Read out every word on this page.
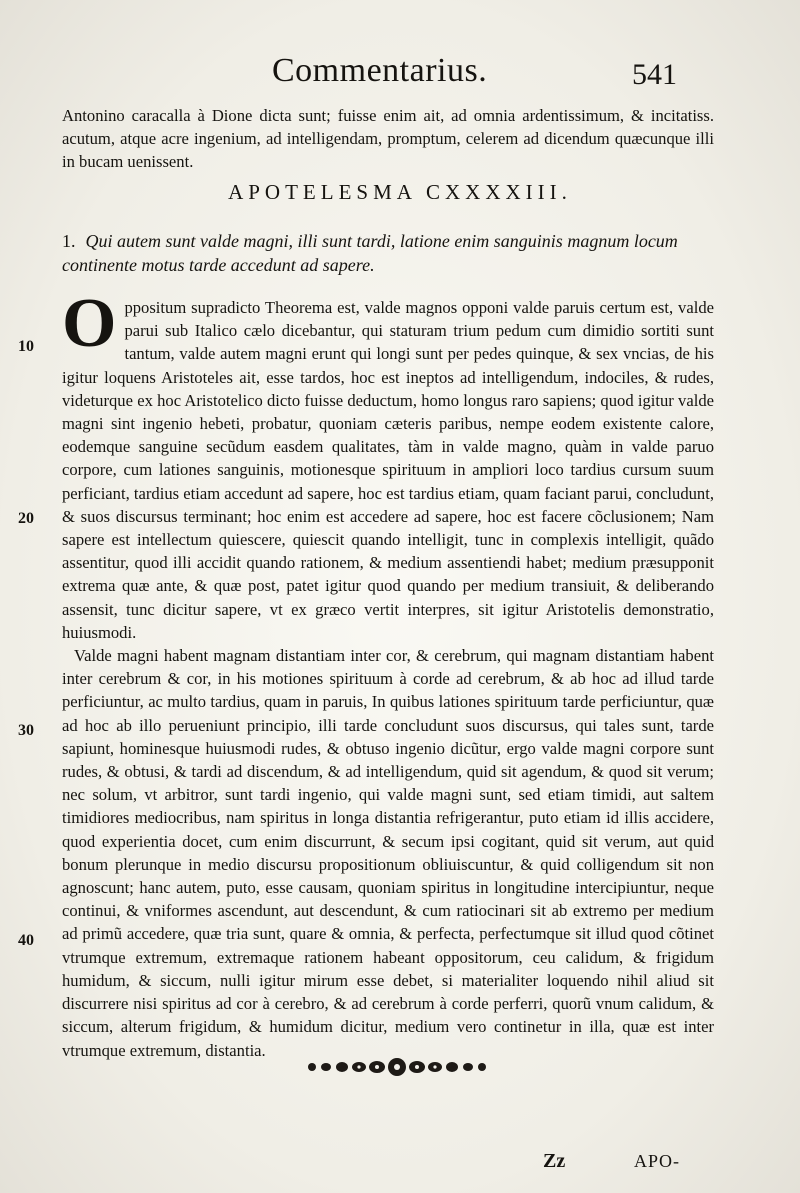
Commentarius.	541
Antonino caracalla à Dione dicta sunt; fuisse enim ait, ad omnia ardentissimum, & incitatiss. acutum, atque acre ingenium, ad intelligendam, promptum, celerem ad dicendum quæcunque illi in bucam uenissent.
APOTELESMA CXXXXIII.
1. Qui autem sunt valde magni, illi sunt tardi, latione enim sanguinis magnum locum continente motus tarde accedunt ad sapere.

Oppositum supradicto Theorema est, valde magnos opponi valde paruis certum est, valde parui sub Italico cælo dicebantur, qui staturam trium pedum cum dimidio sortiti sunt tantum, valde autem magni erunt qui longi sunt per pedes quinque, & sex vncias, de his igitur loquens Aristoteles ait, esse tardos, hoc est ineptos ad intelligendum, indociles, & rudes, videturque ex hoc Aristotelico dicto fuisse deductum, homo longus raro sapiens; quod igitur valde magni sint ingenio hebeti, probatur, quoniam cæteris paribus, nempe eodem existente calore, eodemque sanguine secũdum easdem qualitates, tàm in valde magno, quàm in valde paruo corpore, cum lationes sanguinis, motionesque spirituum in ampliori loco tardius cursum suum perficiant, tardius etiam accedunt ad sapere, hoc est tardius etiam, quam faciant parui, concludunt, & suos discursus terminant; hoc enim est accedere ad sapere, hoc est facere cõclusionem; Nam sapere est intellectum quiescere, quiescit quando intelligit, tunc in complexis intelligit, quãdo assentitur, quod illi accidit quando rationem, & medium assentiendi habet; medium præsupponit extrema quæ ante, & quæ post, patet igitur quod quando per medium transiuit, & deliberando assensit, tunc dicitur sapere, vt ex græco vertit interpres, sit igitur Aristotelis demonstratio, huiusmodi.

Valde magni habent magnam distantiam inter cor, & cerebrum, qui magnam distantiam habent inter cerebrum & cor, in his motiones spirituum à corde ad cerebrum, & ab hoc ad illud tarde perficiuntur, ac multo tardius, quam in paruis, In quibus lationes spirituum tarde perficiuntur, quæ ad hoc ab illo perueniunt principio, illi tarde concludunt suos discursus, qui tales sunt, tarde sapiunt, hominesque huiusmodi rudes, & obtuso ingenio dicũtur, ergo valde magni corpore sunt rudes, & obtusi, & tardi ad discendum, & ad intelligendum, quid sit agendum, & quod sit verum; nec solum, vt arbitror, sunt tardi ingenio, qui valde magni sunt, sed etiam timidi, aut saltem timidiores mediocribus, nam spiritus in longa distantia refrigerantur, puto etiam id illis accidere, quod experientia docet, cum enim discurrunt, & secum ipsi cogitant, quid sit verum, aut quid bonum plerunque in medio discursu propositionum obliuiscuntur, & quid colligendum sit non agnoscunt; hanc autem, puto, esse causam, quoniam spiritus in longitudine intercipiuntur, neque continui, & vniformes ascendunt, aut descendunt, & cum ratiocinari sit ab extremo per medium ad primũ accedere, quæ tria sunt, quare & omnia, & perfecta, perfectumque sit illud quod cõtinet vtrumque extremum, extremaque rationem habeant oppositorum, ceu calidum, & frigidum humidum, & siccum, nulli igitur mirum esse debet, si materialiter loquendo nihil aliud sit discurrere nisi spiritus ad cor à cerebro, & ad cerebrum à corde perferri, quorũ vnum calidum, & siccum, alterum frigidum, & humidum dicitur, medium vero continetur in illa, quæ est inter vtrumque extremum, distantia.

10
20
30
40
Zz	APO-
